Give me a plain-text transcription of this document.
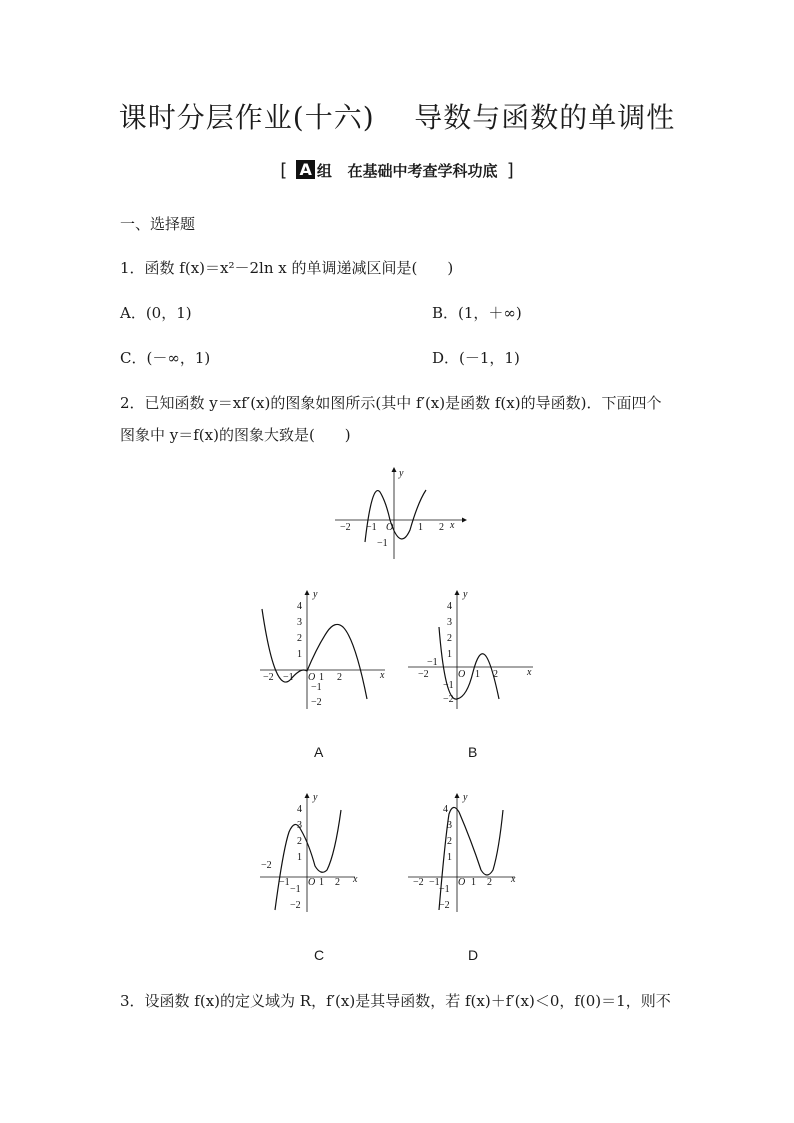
课时分层作业(十六)    导数与函数的单调性
[ A 组 在基础中考查学科功底 ]
一、选择题
1．函数 f(x)＝x²－2ln x 的单调递减区间是(　　)
A．(0，1)	B．(1，＋∞)
C．(－∞，1)	D．(－1，1)
2．已知函数 y＝xf′(x)的图象如图所示(其中 f′(x)是函数 f(x)的导函数)．下面四个
图象中 y＝f(x)的图象大致是(　　)
y
x
−2 −1 O 1 2
−1
y
x
4
3
2
1
−2 −1 O 1 2
−1
−2
A
y
x
4
3
2
1
−1
−2	O 1 2
−1
−2
B
y
x
4
3
2
1
−2
−1 O 1 2
−1
−2
C
y
x
4
3
2
1
−2 −1 O 1 2
−1
−2
D
3．设函数 f(x)的定义域为 R，f′(x)是其导函数，若 f(x)＋f′(x)＜0，f(0)＝1，则不
